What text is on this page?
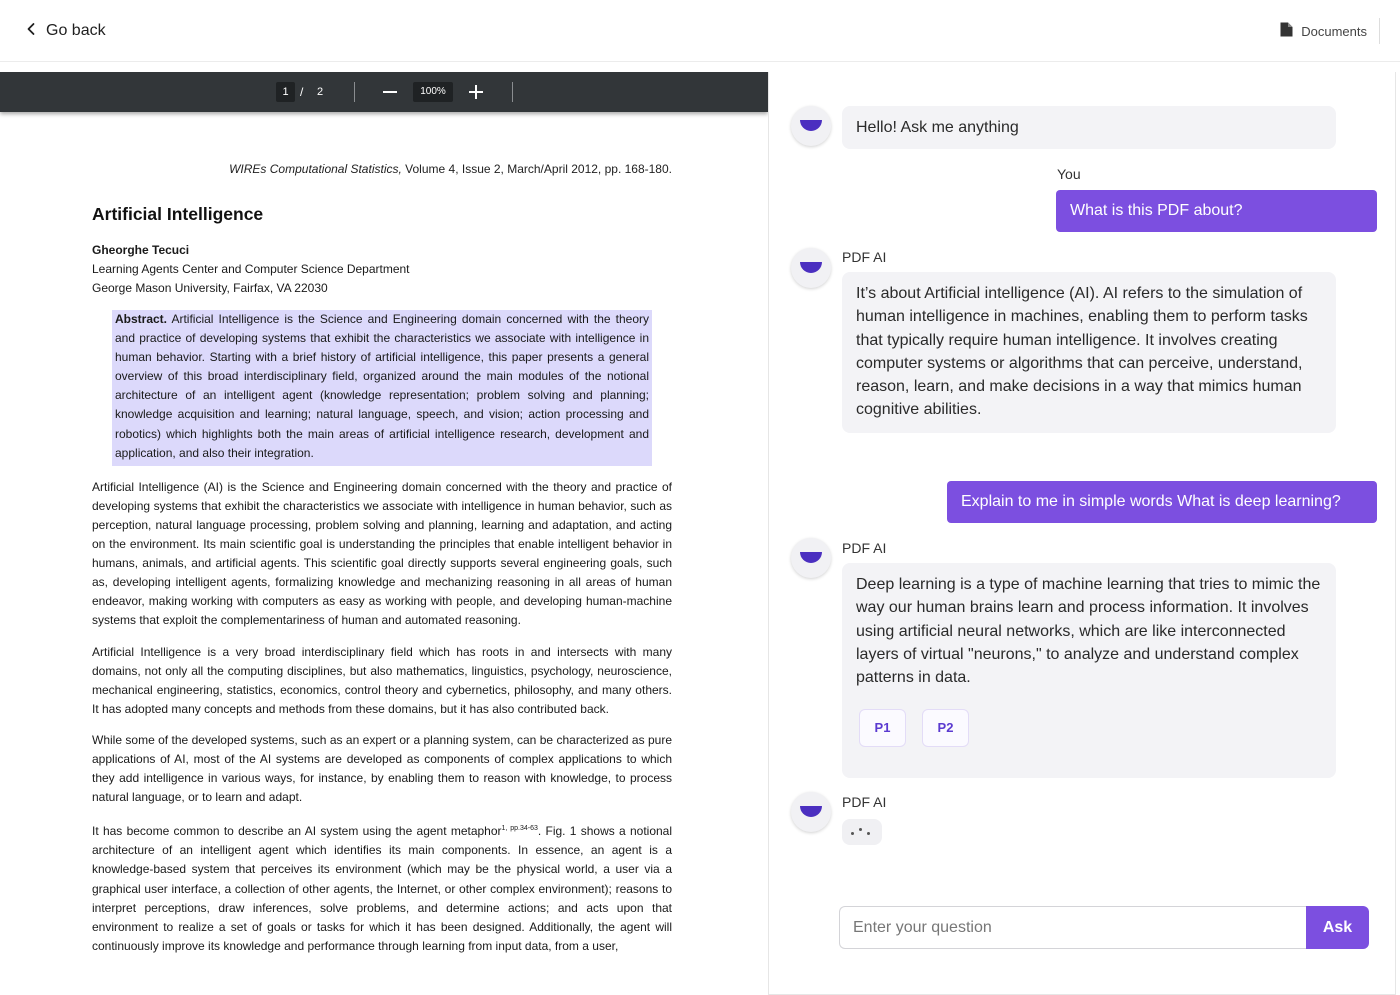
Go back	Documents
1 / 2	100%
WIREs Computational Statistics, Volume 4, Issue 2, March/April 2012, pp. 168-180.
Artificial Intelligence
Gheorghe Tecuci
Learning Agents Center and Computer Science Department
George Mason University, Fairfax, VA 22030
Abstract. Artificial Intelligence is the Science and Engineering domain concerned with the theory and practice of developing systems that exhibit the characteristics we associate with intelligence in human behavior. Starting with a brief history of artificial intelligence, this paper presents a general overview of this broad interdisciplinary field, organized around the main modules of the notional architecture of an intelligent agent (knowledge representation; problem solving and planning; knowledge acquisition and learning; natural language, speech, and vision; action processing and robotics) which highlights both the main areas of artificial intelligence research, development and application, and also their integration.

Artificial Intelligence (AI) is the Science and Engineering domain concerned with the theory and practice of developing systems that exhibit the characteristics we associate with intelligence in human behavior, such as perception, natural language processing, problem solving and planning, learning and adaptation, and acting on the environment. Its main scientific goal is understanding the principles that enable intelligent behavior in humans, animals, and artificial agents. This scientific goal directly supports several engineering goals, such as, developing intelligent agents, formalizing knowledge and mechanizing reasoning in all areas of human endeavor, making working with computers as easy as working with people, and developing human-machine systems that exploit the complementariness of human and automated reasoning.

Artificial Intelligence is a very broad interdisciplinary field which has roots in and intersects with many domains, not only all the computing disciplines, but also mathematics, linguistics, psychology, neuroscience, mechanical engineering, statistics, economics, control theory and cybernetics, philosophy, and many others. It has adopted many concepts and methods from these domains, but it has also contributed back.

While some of the developed systems, such as an expert or a planning system, can be characterized as pure applications of AI, most of the AI systems are developed as components of complex applications to which they add intelligence in various ways, for instance, by enabling them to reason with knowledge, to process natural language, or to learn and adapt.

It has become common to describe an AI system using the agent metaphor$^{1, pp.34-63}$. Fig. 1 shows a notional architecture of an intelligent agent which identifies its main components. In essence, an agent is a knowledge-based system that perceives its environment (which may be the physical world, a user via a graphical user interface, a collection of other agents, the Internet, or other complex environment); reasons to interpret perceptions, draw inferences, solve problems, and determine actions; and acts upon that environment to realize a set of goals or tasks for which it has been designed. Additionally, the agent will continuously improve its knowledge and performance through learning from input data, from a user,

Hello! Ask me anything
You
What is this PDF about?
PDF AI
It’s about Artificial intelligence (AI). AI refers to the simulation of human intelligence in machines, enabling them to perform tasks that typically require human intelligence. It involves creating computer systems or algorithms that can perceive, understand, reason, learn, and make decisions in a way that mimics human cognitive abilities.
Explain to me in simple words What is deep learning?
PDF AI
Deep learning is a type of machine learning that tries to mimic the way our human brains learn and process information. It involves using artificial neural networks, which are like interconnected layers of virtual "neurons," to analyze and understand complex patterns in data.
P1	P2
PDF AI
Enter your question
Ask
